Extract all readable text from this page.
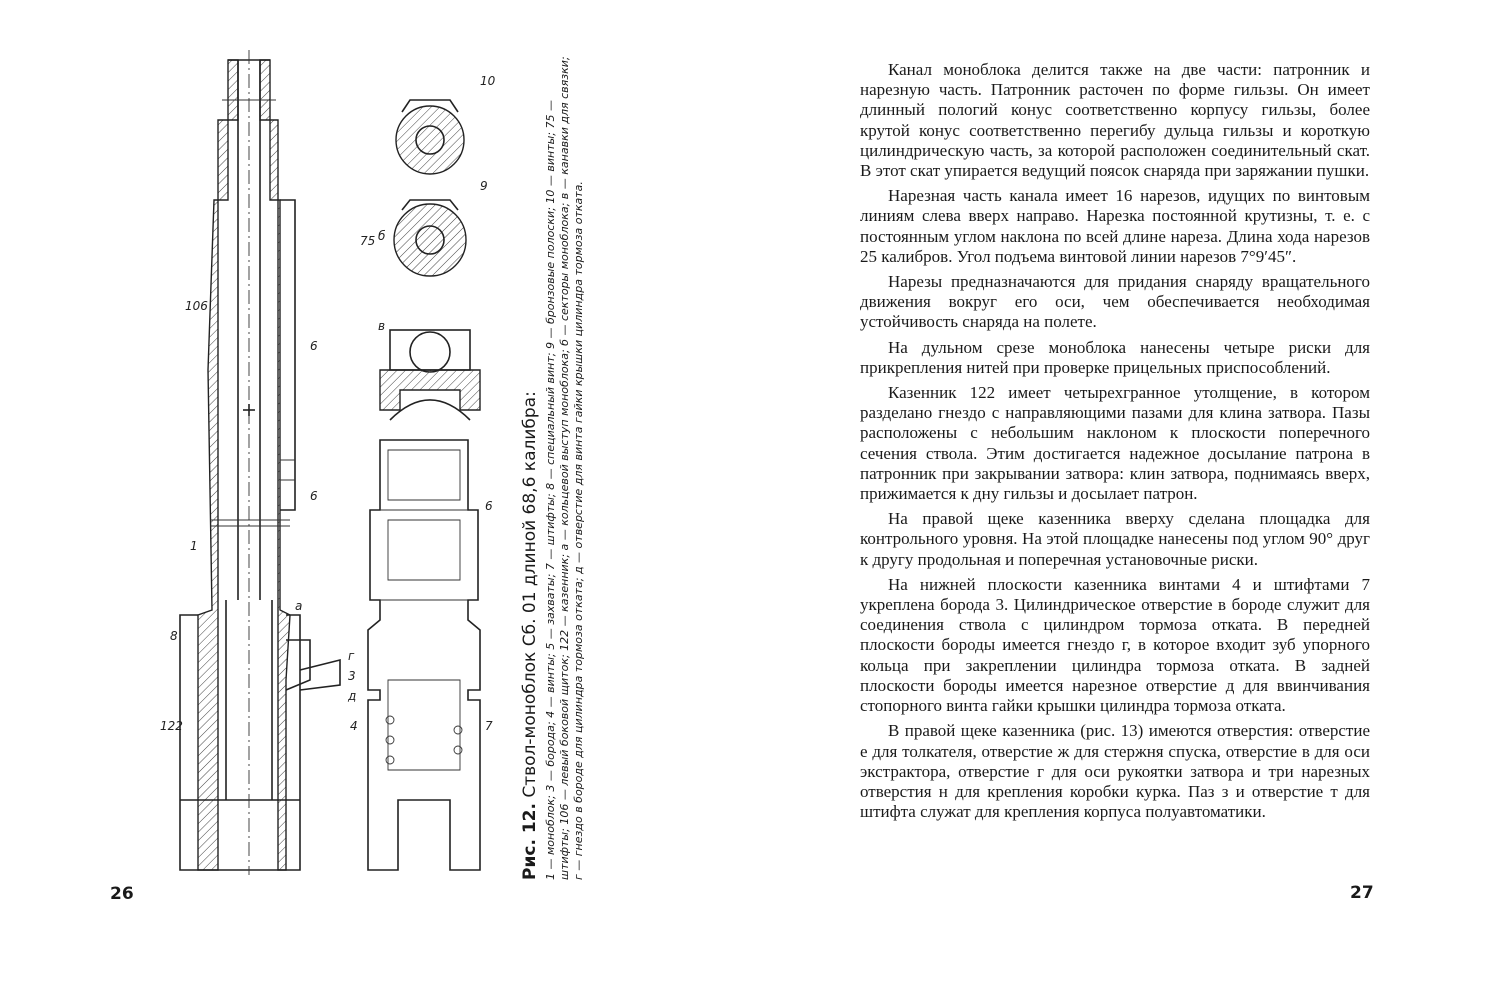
1
3
г
4
6
6
7
8
9
10
75
106
122
а
б
в
д
6

Рис. 12. Ствол-моноблок Сб. 01 длиной 68,6 калибра: 1 — моноблок; 3 — борода; 4 — винты; 5 — захваты; 7 — штифты; 8 — специальный винт; 9 — бронзовые полоски; 10 — винты; 75 — штифты; 106 — левый боковой щиток; 122 — казенник; а — кольцевой выступ моноблока; б — секторы моноблока; в — канавки для связки; г — гнездо в бороде для цилиндра тормоза отката; д — отверстие для винта гайки крышки цилиндра тормоза отката.

26

Канал моноблока делится также на две части: патронник и нарезную часть. Патронник расточен по форме гильзы. Он имеет длинный пологий конус соответственно корпусу гильзы, более крутой конус соответственно перегибу дульца гильзы и короткую цилиндрическую часть, за которой расположен соединительный скат. В этот скат упирается ведущий поясок снаряда при заряжании пушки.

Нарезная часть канала имеет 16 нарезов, идущих по винтовым линиям слева вверх направо. Нарезка постоянной крутизны, т. е. с постоянным углом наклона по всей длине нареза. Длина хода нарезов 25 калибров. Угол подъема винтовой линии нарезов 7°9′45″.

Нарезы предназначаются для придания снаряду вращательного движения вокруг его оси, чем обеспечивается необходимая устойчивость снаряда на полете.

На дульном срезе моноблока нанесены четыре риски для прикрепления нитей при проверке прицельных приспособлений.

Казенник 122 имеет четырехгранное утолщение, в котором разделано гнездо с направляющими пазами для клина затвора. Пазы расположены с небольшим наклоном к плоскости поперечного сечения ствола. Этим достигается надежное досылание патрона в патронник при закрывании затвора: клин затвора, поднимаясь вверх, прижимается к дну гильзы и досылает патрон.

На правой щеке казенника вверху сделана площадка для контрольного уровня. На этой площадке нанесены под углом 90° друг к другу продольная и поперечная установочные риски.

На нижней плоскости казенника винтами 4 и штифтами 7 укреплена борода 3. Цилиндрическое отверстие в бороде служит для соединения ствола с цилиндром тормоза отката. В передней плоскости бороды имеется гнездо г, в которое входит зуб упорного кольца при закреплении цилиндра тормоза отката. В задней плоскости бороды имеется нарезное отверстие д для ввинчивания стопорного винта гайки крышки цилиндра тормоза отката.

В правой щеке казенника (рис. 13) имеются отверстия: отверстие е для толкателя, отверстие ж для стержня спуска, отверстие в для оси экстрактора, отверстие г для оси рукоятки затвора и три нарезных отверстия н для крепления коробки курка. Паз з и отверстие т для штифта служат для крепления корпуса полуавтоматики.

27
